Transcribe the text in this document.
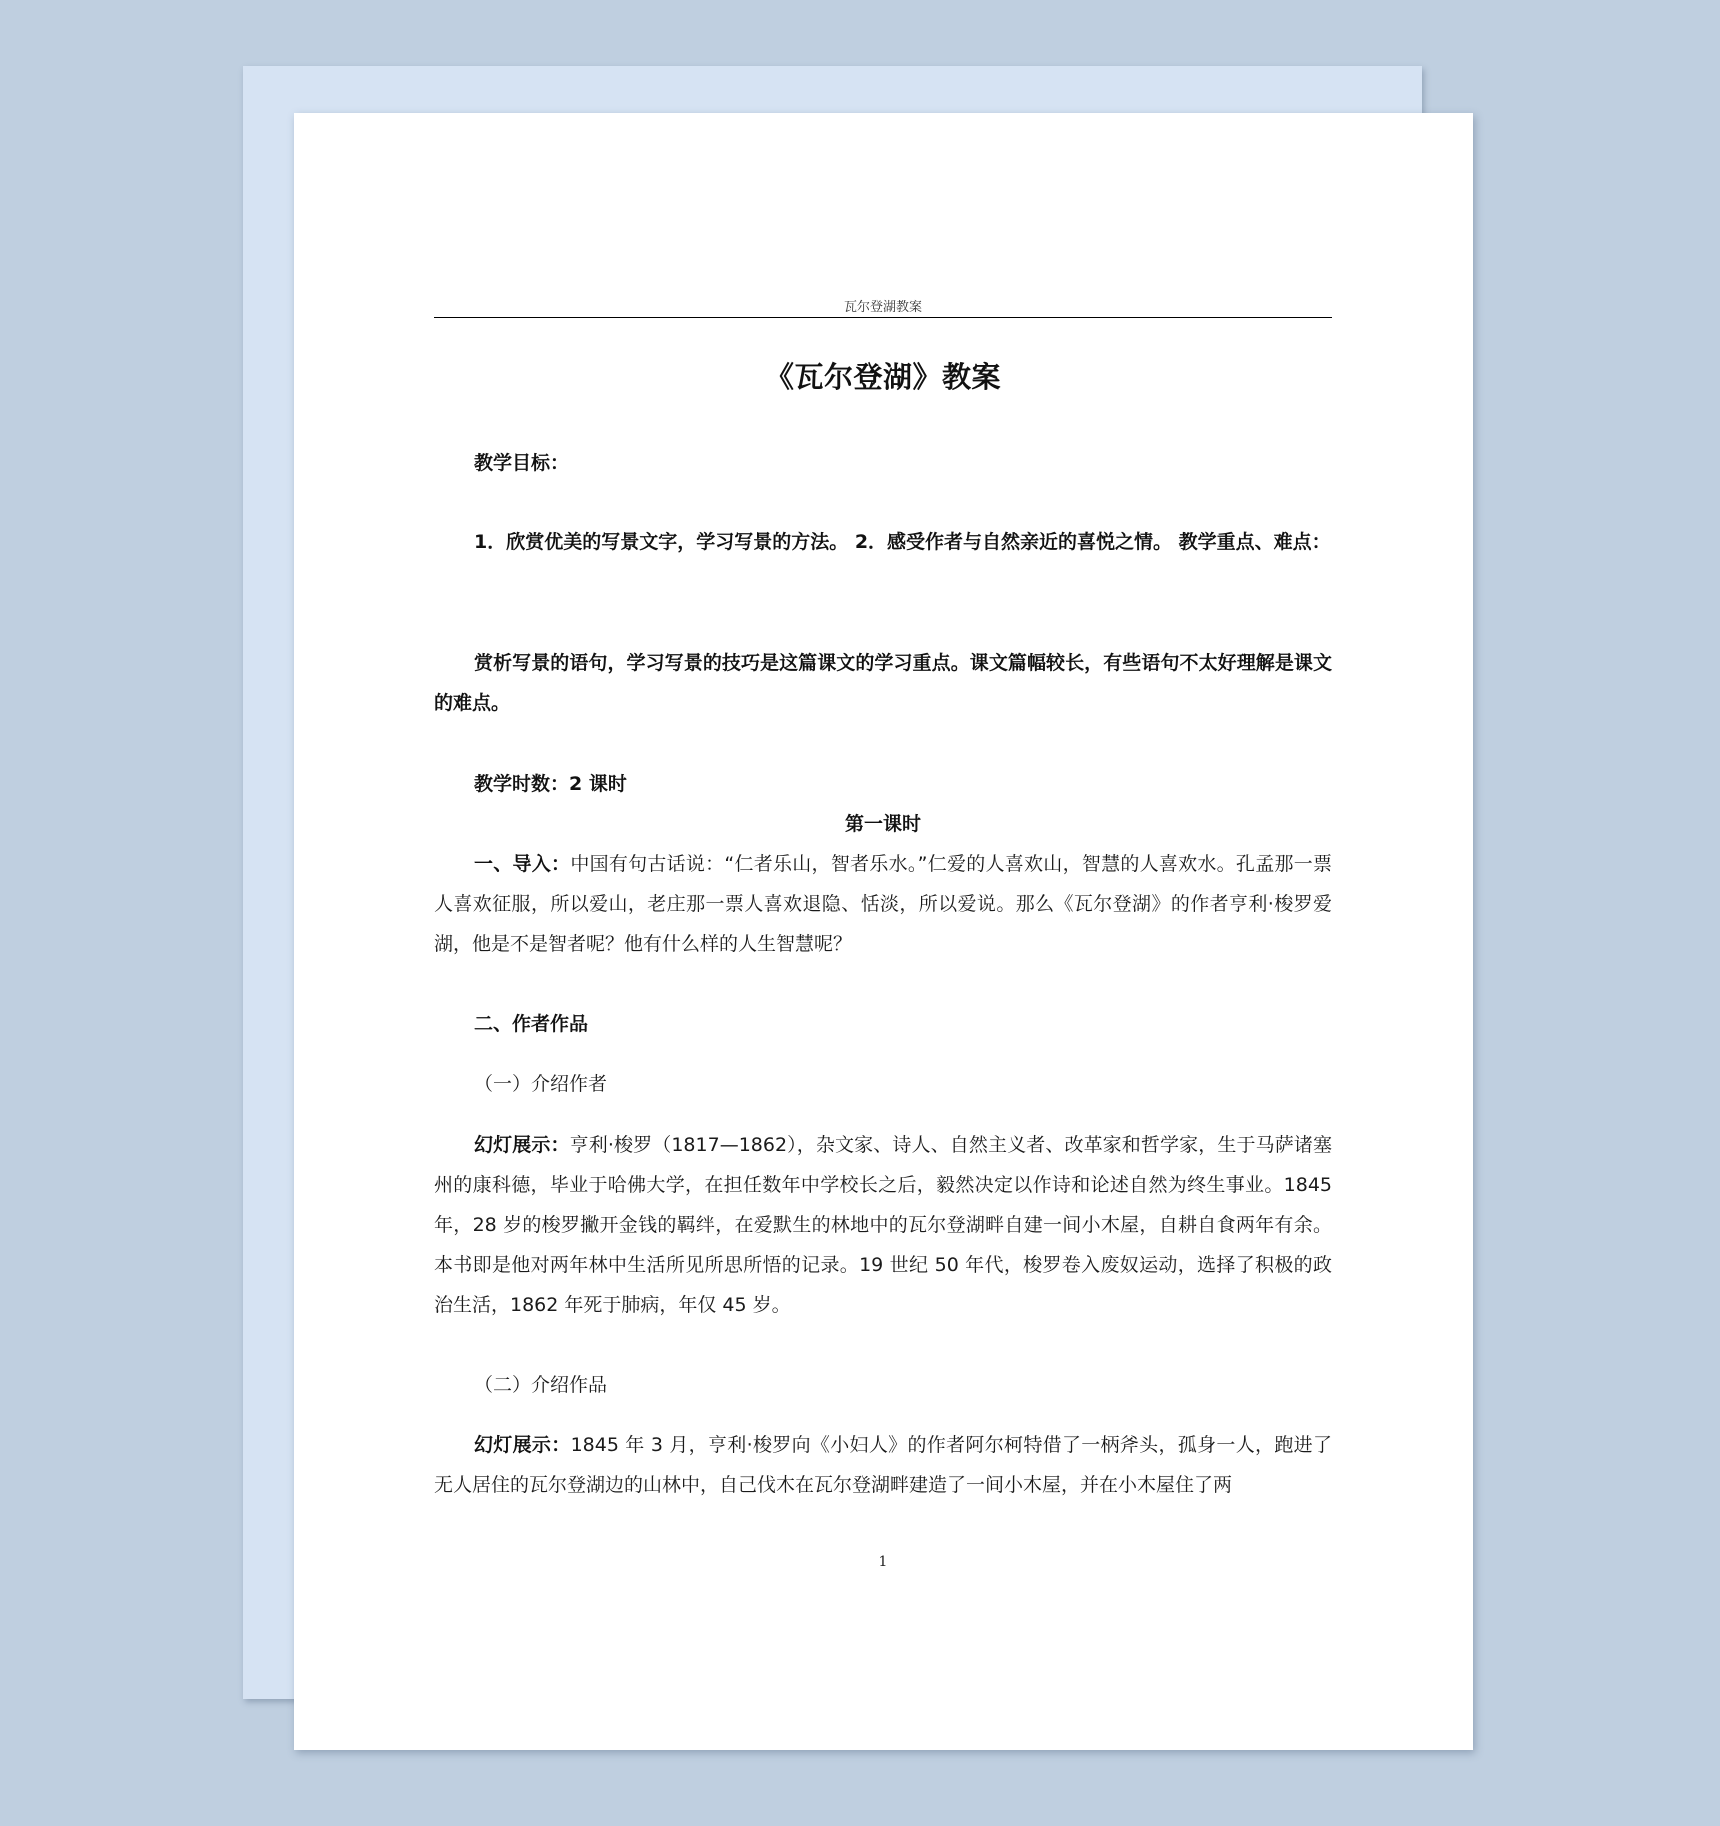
瓦尔登湖教案
《瓦尔登湖》教案
教学目标：
1．欣赏优美的写景文字，学习写景的方法。 2．感受作者与自然亲近的喜悦之情。 教学重点、难点：
赏析写景的语句，学习写景的技巧是这篇课文的学习重点。课文篇幅较长，有些语句不太好理解是课文的难点。
教学时数：2 课时
第一课时
一、导入：中国有句古话说：“仁者乐山，智者乐水。”仁爱的人喜欢山，智慧的人喜欢水。孔孟那一票人喜欢征服，所以爱山，老庄那一票人喜欢退隐、恬淡，所以爱说。那么《瓦尔登湖》的作者亨利·梭罗爱湖，他是不是智者呢？他有什么样的人生智慧呢？
二、作者作品
（一）介绍作者
幻灯展示：亨利·梭罗（1817—1862），杂文家、诗人、自然主义者、改革家和哲学家，生于马萨诸塞州的康科德，毕业于哈佛大学，在担任数年中学校长之后，毅然决定以作诗和论述自然为终生事业。1845 年，28 岁的梭罗撇开金钱的羁绊，在爱默生的林地中的瓦尔登湖畔自建一间小木屋，自耕自食两年有余。本书即是他对两年林中生活所见所思所悟的记录。19 世纪 50 年代，梭罗卷入废奴运动，选择了积极的政治生活，1862 年死于肺病，年仅 45 岁。
（二）介绍作品
幻灯展示：1845 年 3 月，亨利·梭罗向《小妇人》的作者阿尔柯特借了一柄斧头，孤身一人，跑进了无人居住的瓦尔登湖边的山林中，自己伐木在瓦尔登湖畔建造了一间小木屋，并在小木屋住了两
1
